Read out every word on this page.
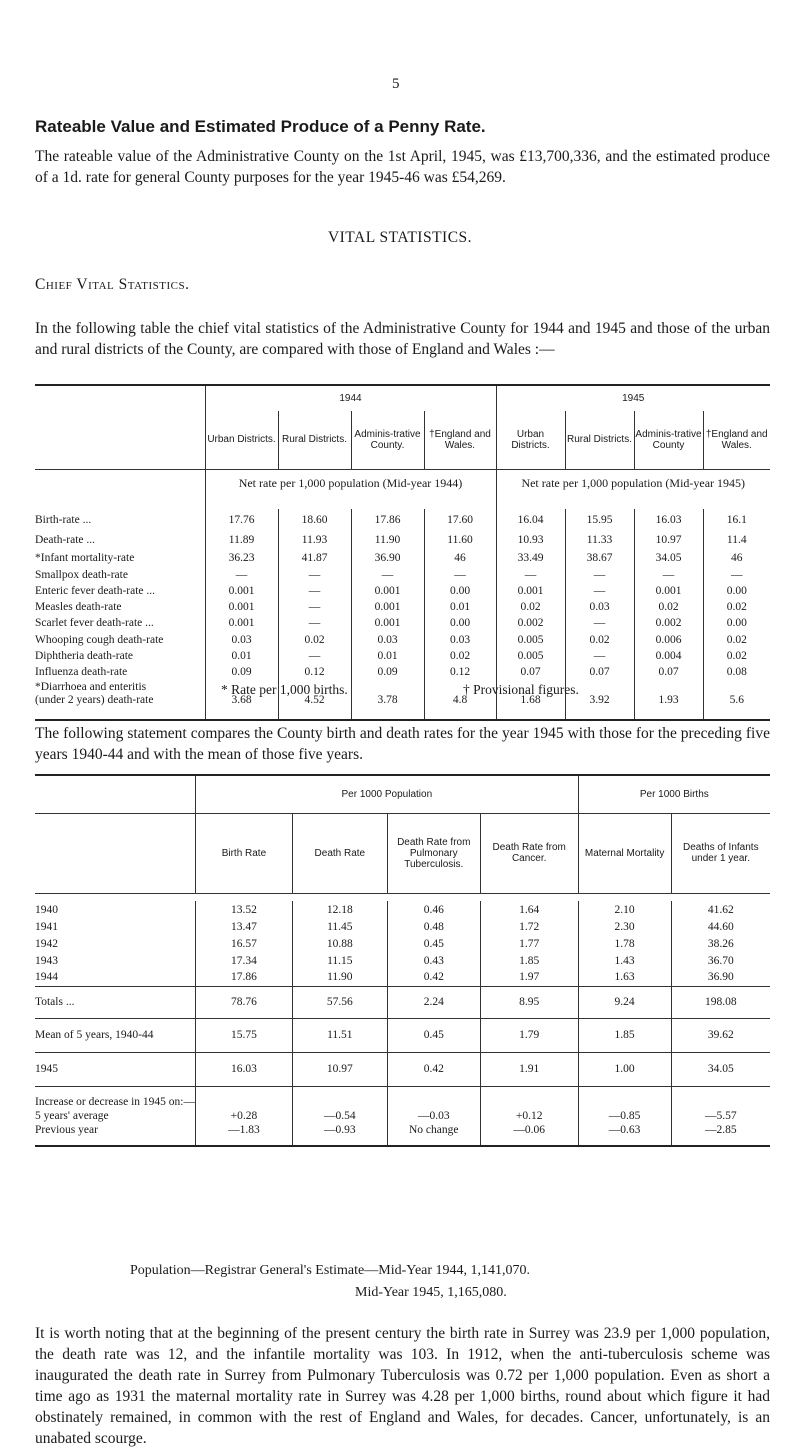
5
Rateable Value and Estimated Produce of a Penny Rate.
The rateable value of the Administrative County on the 1st April, 1945, was £13,700,336, and the estimated produce of a 1d. rate for general County purposes for the year 1945-46 was £54,269.
VITAL STATISTICS.
Chief Vital Statistics.
In the following table the chief vital statistics of the Administrative County for 1944 and 1945 and those of the urban and rural districts of the County, are compared with those of England and Wales :—
	1944				1945			
	Urban Districts.	Rural Districts.	Adminis-trative County.	†England and Wales.	Urban Districts.	Rural Districts.	Adminis-trative County	†England and Wales.
	Net rate per 1,000 population (Mid-year 1944)				Net rate per 1,000 population (Mid-year 1945)			
Birth-rate ...	17.76	18.60	17.86	17.60	16.04	15.95	16.03	16.1
Death-rate ...	11.89	11.93	11.90	11.60	10.93	11.33	10.97	11.4
*Infant mortality-rate	36.23	41.87	36.90	46	33.49	38.67	34.05	46
Smallpox death-rate	—	—	—	—	—	—	—	—
Enteric fever death-rate ...	0.001	—	0.001	0.00	0.001	—	0.001	0.00
Measles death-rate	0.001	—	0.001	0.01	0.02	0.03	0.02	0.02
Scarlet fever death-rate ...	0.001	—	0.001	0.00	0.002	—	0.002	0.00
Whooping cough death-rate	0.03	0.02	0.03	0.03	0.005	0.02	0.006	0.02
Diphtheria death-rate	0.01	—	0.01	0.02	0.005	—	0.004	0.02
Influenza death-rate	0.09	0.12	0.09	0.12	0.07	0.07	0.07	0.08
*Diarrhoea and enteritis								
(under 2 years) death-rate	3.68	4.52	3.78	4.8	1.68	3.92	1.93	5.6
* Rate per 1,000 births.	† Provisional figures.
The following statement compares the County birth and death rates for the year 1945 with those for the preceding five years 1940-44 and with the mean of those five years.
	Per 1000 Population				Per 1000 Births	
	Birth Rate	Death Rate	Death Rate from Pulmonary Tuberculosis.	Death Rate from Cancer.	Maternal Mortality	Deaths of Infants under 1 year.

1940	13.52	12.18	0.46	1.64	2.10	41.62
1941	13.47	11.45	0.48	1.72	2.30	44.60
1942	16.57	10.88	0.45	1.77	1.78	38.26
1943	17.34	11.15	0.43	1.85	1.43	36.70
1944	17.86	11.90	0.42	1.97	1.63	36.90
Totals ...	78.76	57.56	2.24	8.95	9.24	198.08
Mean of 5 years, 1940-44	15.75	11.51	0.45	1.79	1.85	39.62
1945	16.03	10.97	0.42	1.91	1.00	34.05
Increase or decrease in 1945 on:—						
5 years' average	+0.28	—0.54	—0.03	+0.12	—0.85	—5.57
Previous year	—1.83	—0.93	No change	—0.06	—0.63	—2.85
Population—Registrar General's Estimate—Mid-Year 1944, 1,141,070.
Mid-Year 1945, 1,165,080.
It is worth noting that at the beginning of the present century the birth rate in Surrey was 23.9 per 1,000 population, the death rate was 12, and the infantile mortality was 103. In 1912, when the anti-tuberculosis scheme was inaugurated the death rate in Surrey from Pulmonary Tuberculosis was 0.72 per 1,000 population. Even as short a time ago as 1931 the maternal mortality rate in Surrey was 4.28 per 1,000 births, round about which figure it had obstinately remained, in common with the rest of England and Wales, for decades. Cancer, unfortunately, is an unabated scourge.
